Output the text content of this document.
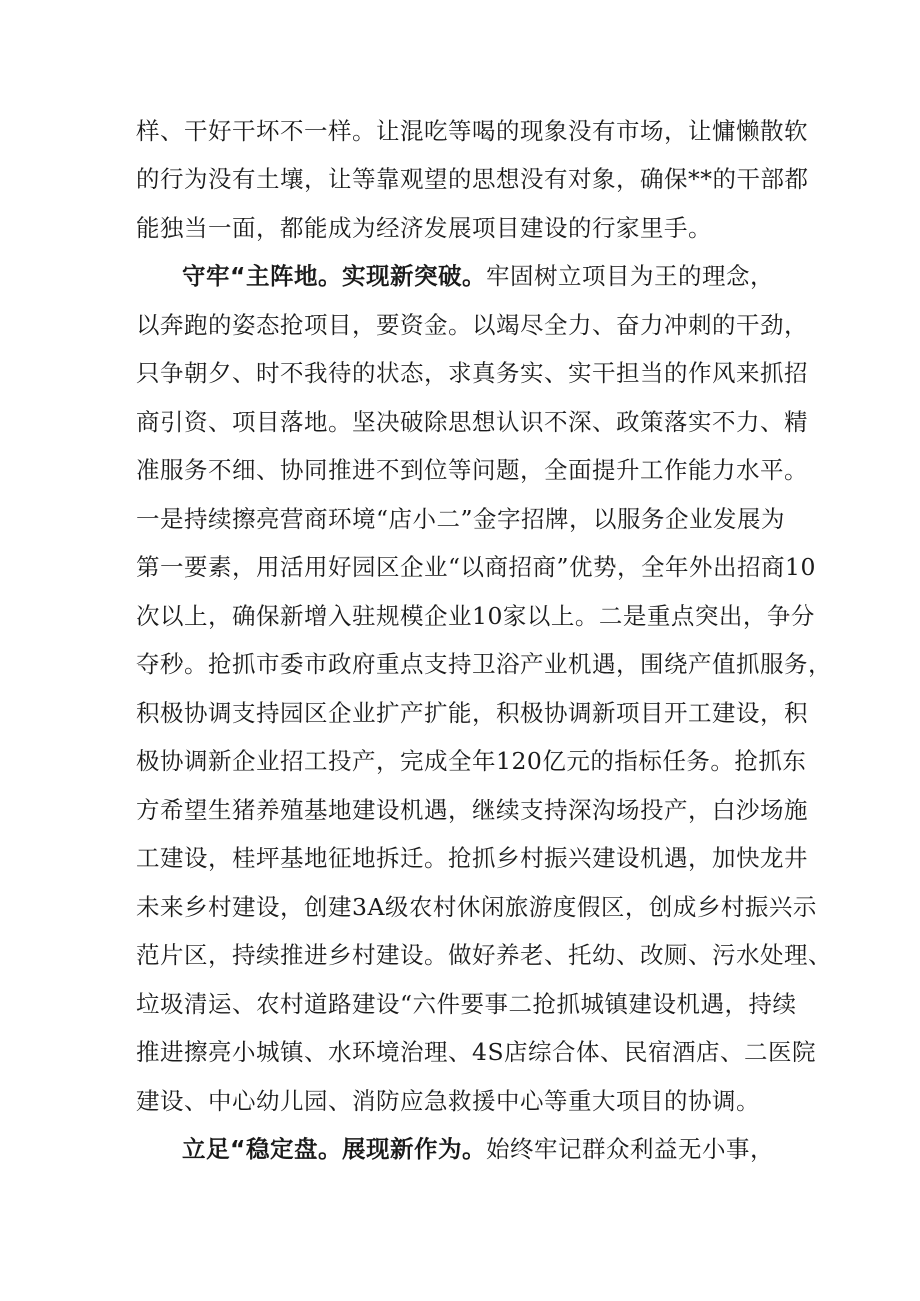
样、干好干坏不一样。让混吃等喝的现象没有市场，让慵懒散软
的行为没有土壤，让等靠观望的思想没有对象，确保**的干部都
能独当一面，都能成为经济发展项目建设的行家里手。
守牢“主阵地。实现新突破。牢固树立项目为王的理念，
以奔跑的姿态抢项目，要资金。以竭尽全力、奋力冲刺的干劲，
只争朝夕、时不我待的状态，求真务实、实干担当的作风来抓招
商引资、项目落地。坚决破除思想认识不深、政策落实不力、精
准服务不细、协同推进不到位等问题，全面提升工作能力水平。
一是持续擦亮营商环境“店小二”金字招牌，以服务企业发展为
第一要素，用活用好园区企业“以商招商”优势，全年外出招商10
次以上，确保新增入驻规模企业10家以上。二是重点突出，争分
夺秒。抢抓市委市政府重点支持卫浴产业机遇，围绕产值抓服务，
积极协调支持园区企业扩产扩能，积极协调新项目开工建设，积
极协调新企业招工投产，完成全年120亿元的指标任务。抢抓东
方希望生猪养殖基地建设机遇，继续支持深沟场投产，白沙场施
工建设，桂坪基地征地拆迁。抢抓乡村振兴建设机遇，加快龙井
未来乡村建设，创建3A级农村休闲旅游度假区，创成乡村振兴示
范片区，持续推进乡村建设。做好养老、托幼、改厕、污水处理、
垃圾清运、农村道路建设“六件要事二抢抓城镇建设机遇，持续
推进擦亮小城镇、水环境治理、4S店综合体、民宿酒店、二医院
建设、中心幼儿园、消防应急救援中心等重大项目的协调。
立足“稳定盘。展现新作为。始终牢记群众利益无小事，
